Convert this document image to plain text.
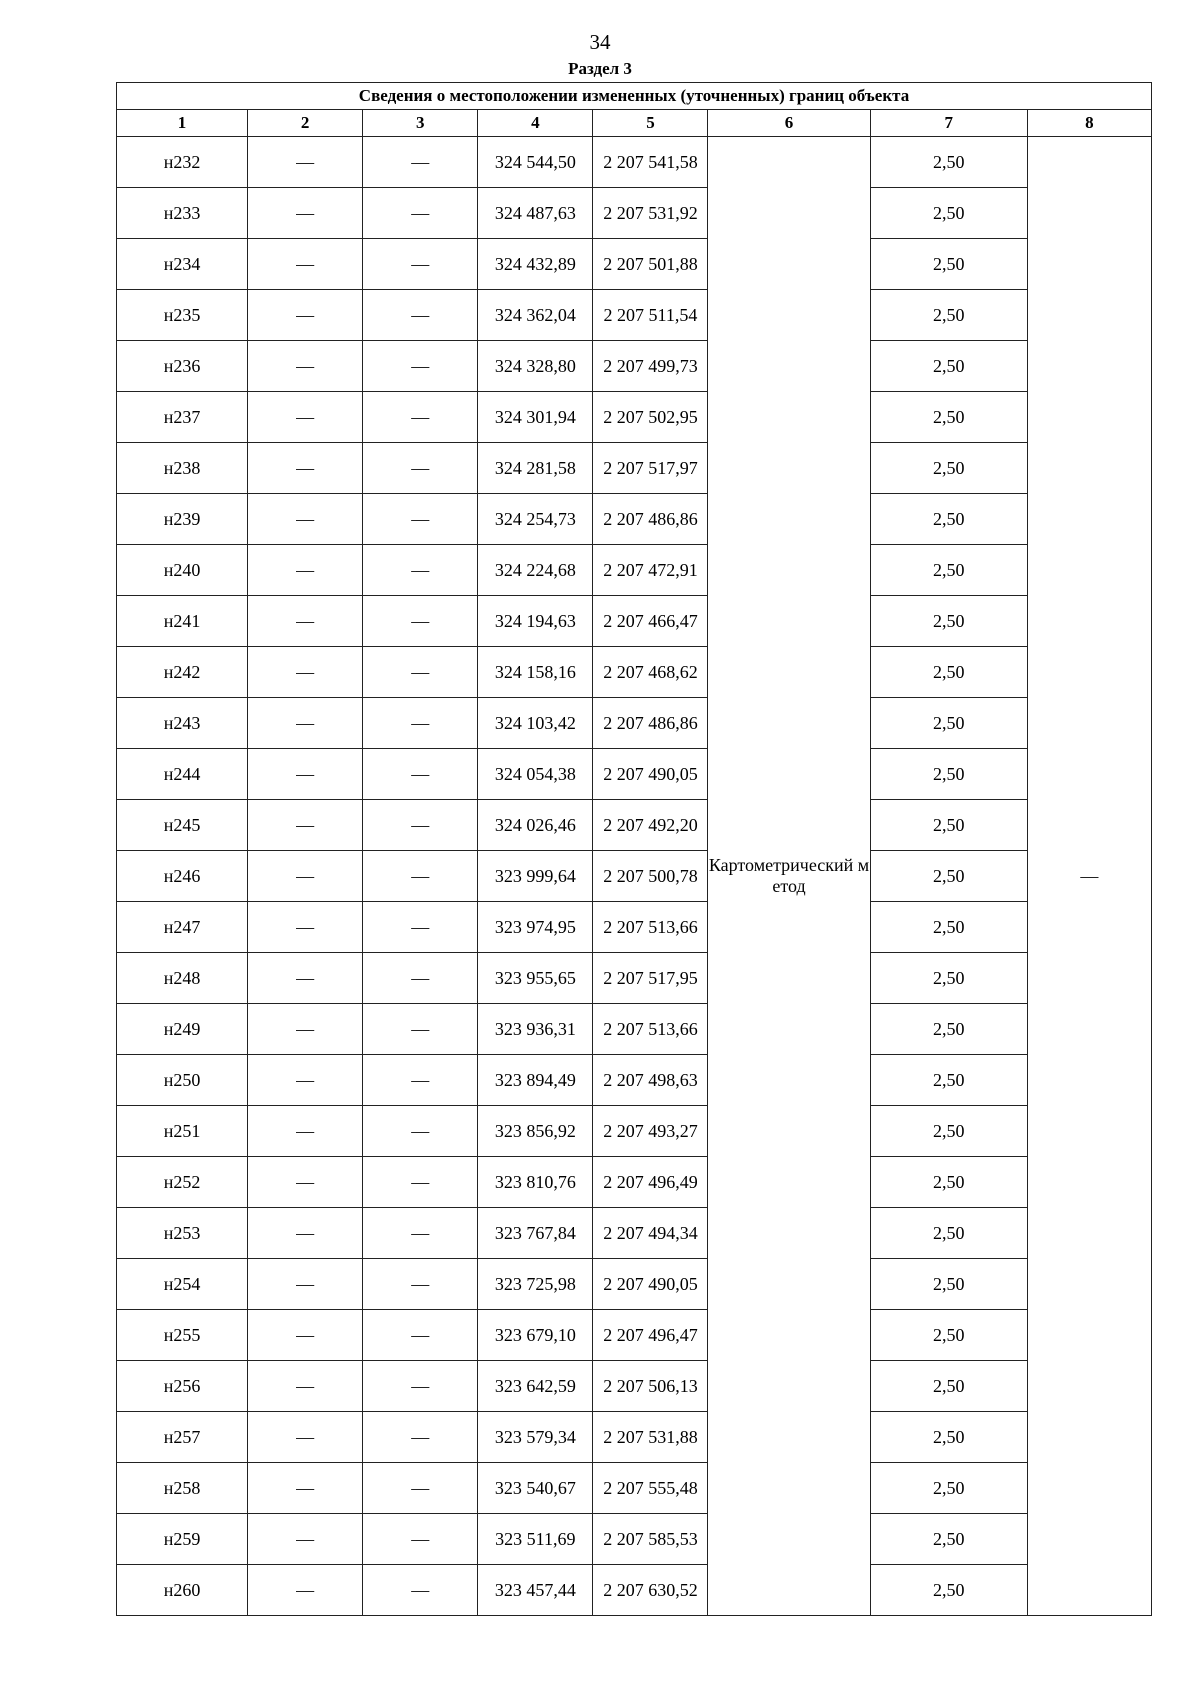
34
Раздел 3
Сведения о местоположении измененных (уточненных) границ объекта							
1	2	3	4	5	6	7	8
н232	—	—	324 544,50	2 207 541,58	Картометрический метод	2,50	—
н233	—	—	324 487,63	2 207 531,92		2,50	
н234	—	—	324 432,89	2 207 501,88		2,50	
н235	—	—	324 362,04	2 207 511,54		2,50	
н236	—	—	324 328,80	2 207 499,73		2,50	
н237	—	—	324 301,94	2 207 502,95		2,50	
н238	—	—	324 281,58	2 207 517,97		2,50	
н239	—	—	324 254,73	2 207 486,86		2,50	
н240	—	—	324 224,68	2 207 472,91		2,50	
н241	—	—	324 194,63	2 207 466,47		2,50	
н242	—	—	324 158,16	2 207 468,62		2,50	
н243	—	—	324 103,42	2 207 486,86		2,50	
н244	—	—	324 054,38	2 207 490,05		2,50	
н245	—	—	324 026,46	2 207 492,20		2,50	
н246	—	—	323 999,64	2 207 500,78		2,50	
н247	—	—	323 974,95	2 207 513,66		2,50	
н248	—	—	323 955,65	2 207 517,95		2,50	
н249	—	—	323 936,31	2 207 513,66		2,50	
н250	—	—	323 894,49	2 207 498,63		2,50	
н251	—	—	323 856,92	2 207 493,27		2,50	
н252	—	—	323 810,76	2 207 496,49		2,50	
н253	—	—	323 767,84	2 207 494,34		2,50	
н254	—	—	323 725,98	2 207 490,05		2,50	
н255	—	—	323 679,10	2 207 496,47		2,50	
н256	—	—	323 642,59	2 207 506,13		2,50	
н257	—	—	323 579,34	2 207 531,88		2,50	
н258	—	—	323 540,67	2 207 555,48		2,50	
н259	—	—	323 511,69	2 207 585,53		2,50	
н260	—	—	323 457,44	2 207 630,52		2,50	
